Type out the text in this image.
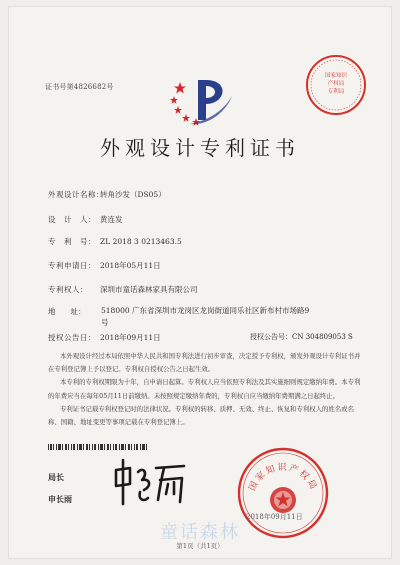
证书号第4826682号
国家知识
产权局
专利局
外观设计专利证书
外观设计名称：转角沙发（DS05）
设　计　人： 黄连发
专　利　号： ZL 2018 3 0213463.5
专利申请日： 2018年05月11日
专利权人： 深圳市童话森林家具有限公司
地　　址： 518000 广东省深圳市龙岗区龙岗街道同乐社区新布村市场路9号
授权公告日： 2018年09月11日	授权公告号：CN 304809053 S

本外观设计经过本局依照中华人民共和国专利法进行初步审查，决定授予专利权，颁发外观设计专利证书并在专利登记簿上予以登记。专利权自授权公告之日起生效。

本专利的专利权期限为十年，自申请日起算。专利权人应当依照专利法及其实施细则规定缴纳年费。本专利的年费应当在每年05月11日前缴纳。未按照规定缴纳年费的，专利权自应当缴纳年费期满之日起终止。

专利证书记载专利权登记时的法律状况。专利权的转移、质押、无效、终止、恢复和专利权人的姓名或名称、国籍、地址变更等事项记载在专利登记簿上。

局长
申长雨
国家知识产权局
2018年09月11日
童话森林
第1页（共1页）
